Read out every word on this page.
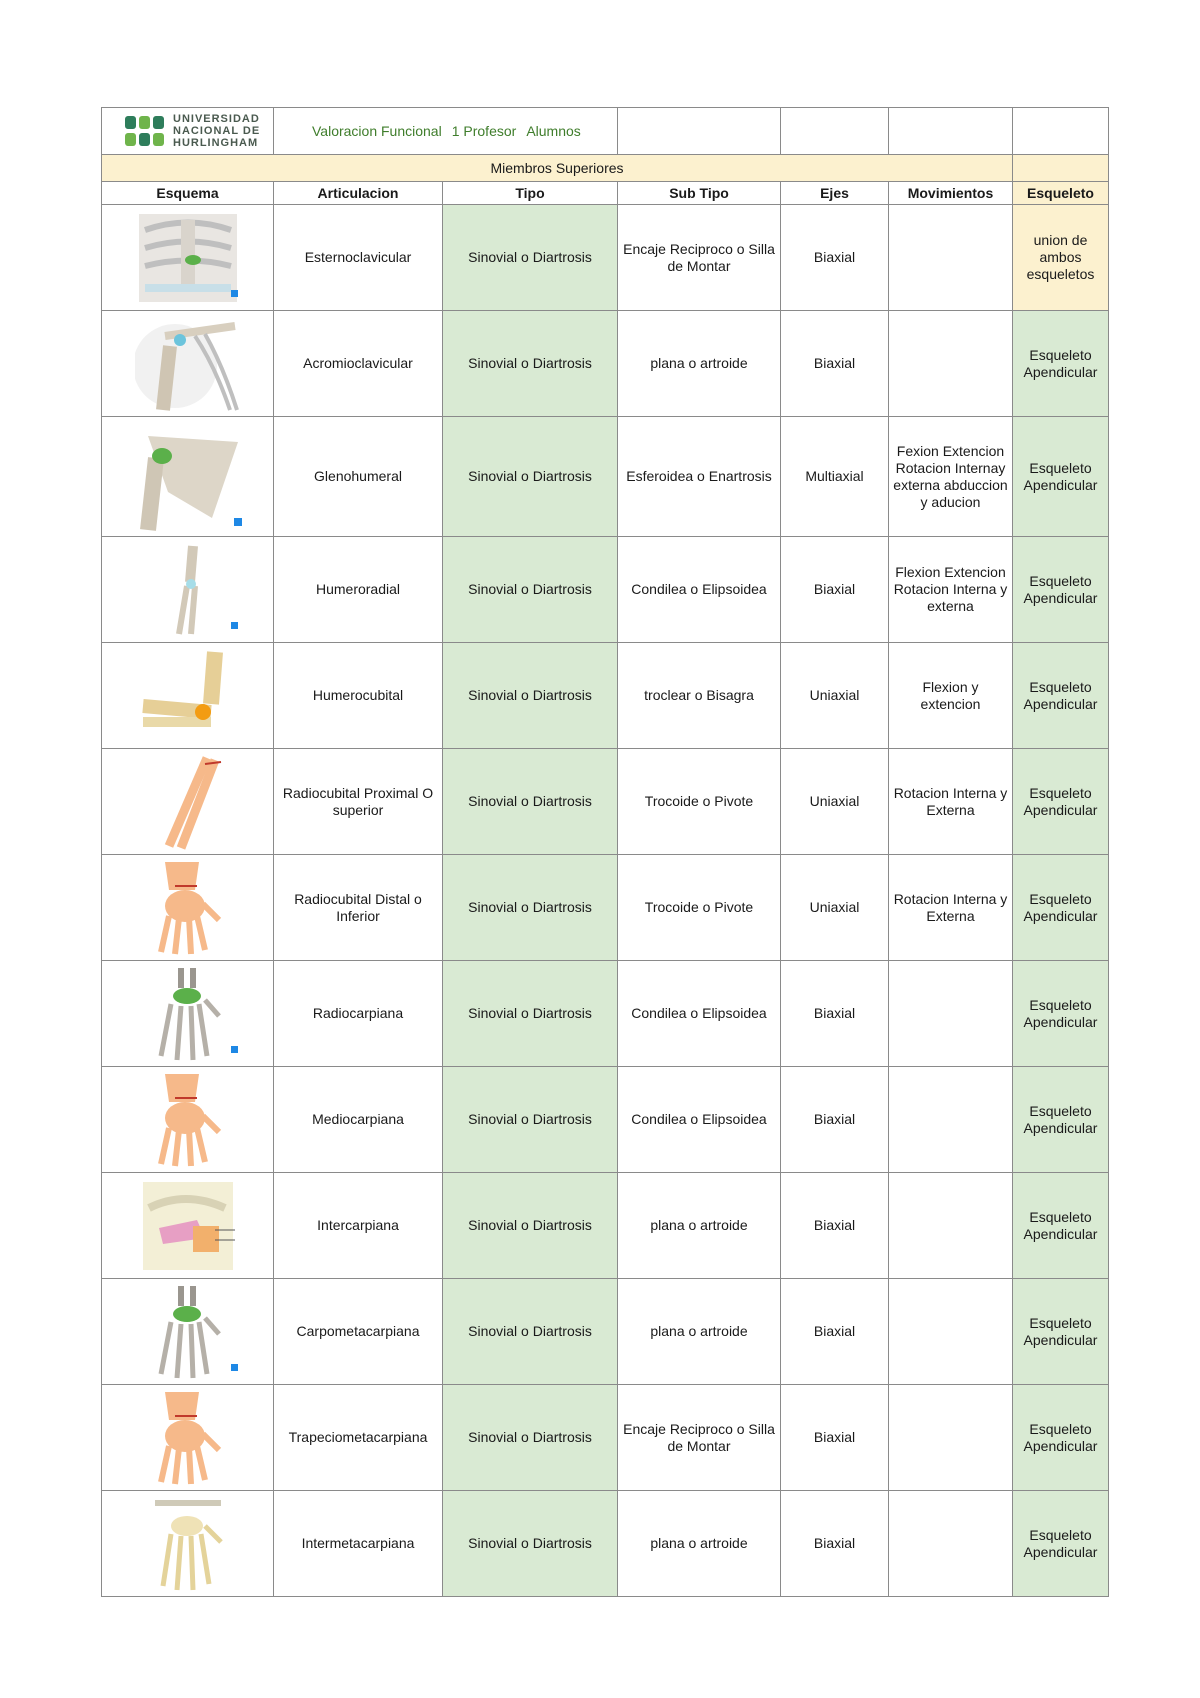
UNIVERSIDAD
NACIONAL DE
HURLINGHAM	Valoracion Funcional 1 Profesor Alumnos					
Miembros Superiores						
Esquema	Articulacion	Tipo	Sub Tipo	Ejes	Movimientos	Esqueleto

	Esternoclavicular	Sinovial o Diartrosis	Encaje Reciproco o Silla de Montar	Biaxial		union de ambos esqueletos

	Acromioclavicular	Sinovial o Diartrosis	plana o artroide	Biaxial		Esqueleto Apendicular

	Glenohumeral	Sinovial o Diartrosis	Esferoidea o Enartrosis	Multiaxial	Fexion Extencion Rotacion Internay externa abduccion y aducion	Esqueleto Apendicular

	Humeroradial	Sinovial o Diartrosis	Condilea o Elipsoidea	Biaxial	Flexion Extencion Rotacion Interna y externa	Esqueleto Apendicular

	Humerocubital	Sinovial o Diartrosis	troclear o Bisagra	Uniaxial	Flexion y extencion	Esqueleto Apendicular

	Radiocubital Proximal O superior	Sinovial o Diartrosis	Trocoide o Pivote	Uniaxial	Rotacion Interna y Externa	Esqueleto Apendicular

	Radiocubital Distal o Inferior	Sinovial o Diartrosis	Trocoide o Pivote	Uniaxial	Rotacion Interna y Externa	Esqueleto Apendicular

	Radiocarpiana	Sinovial o Diartrosis	Condilea o Elipsoidea	Biaxial		Esqueleto Apendicular

	Mediocarpiana	Sinovial o Diartrosis	Condilea o Elipsoidea	Biaxial		Esqueleto Apendicular

	Intercarpiana	Sinovial o Diartrosis	plana o artroide	Biaxial		Esqueleto Apendicular

	Carpometacarpiana	Sinovial o Diartrosis	plana o artroide	Biaxial		Esqueleto Apendicular

	Trapeciometacarpiana	Sinovial o Diartrosis	Encaje Reciproco o Silla de Montar	Biaxial		Esqueleto Apendicular

	Intermetacarpiana	Sinovial o Diartrosis	plana o artroide	Biaxial		Esqueleto Apendicular
